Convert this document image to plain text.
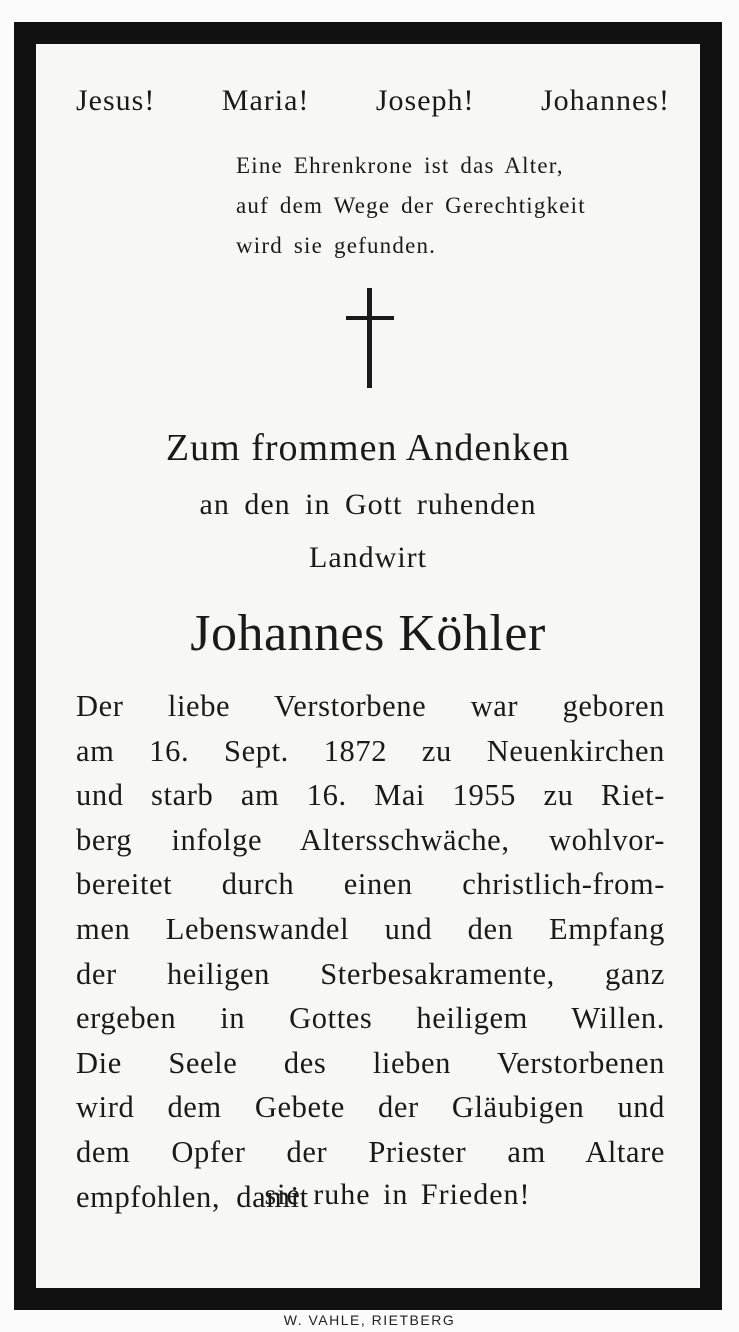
Jesus! Maria! Joseph! Johannes!
Eine Ehrenkrone ist das Alter,
auf dem Wege der Gerechtigkeit
wird sie gefunden.
Zum frommen Andenken
an den in Gott ruhenden
Landwirt
Johannes Köhler
Der liebe Verstorbene war geboren
am 16. Sept. 1872 zu Neuenkirchen
und starb am 16. Mai 1955 zu Riet-
berg infolge Altersschwäche, wohlvor-
bereitet durch einen christlich-from-
men Lebenswandel und den Empfang
der heiligen Sterbesakramente, ganz
ergeben in Gottes heiligem Willen.
Die Seele des lieben Verstorbenen
wird dem Gebete der Gläubigen und
dem Opfer der Priester am Altare
empfohlen, damit
sie ruhe in Frieden!
W. VAHLE, RIETBERG
